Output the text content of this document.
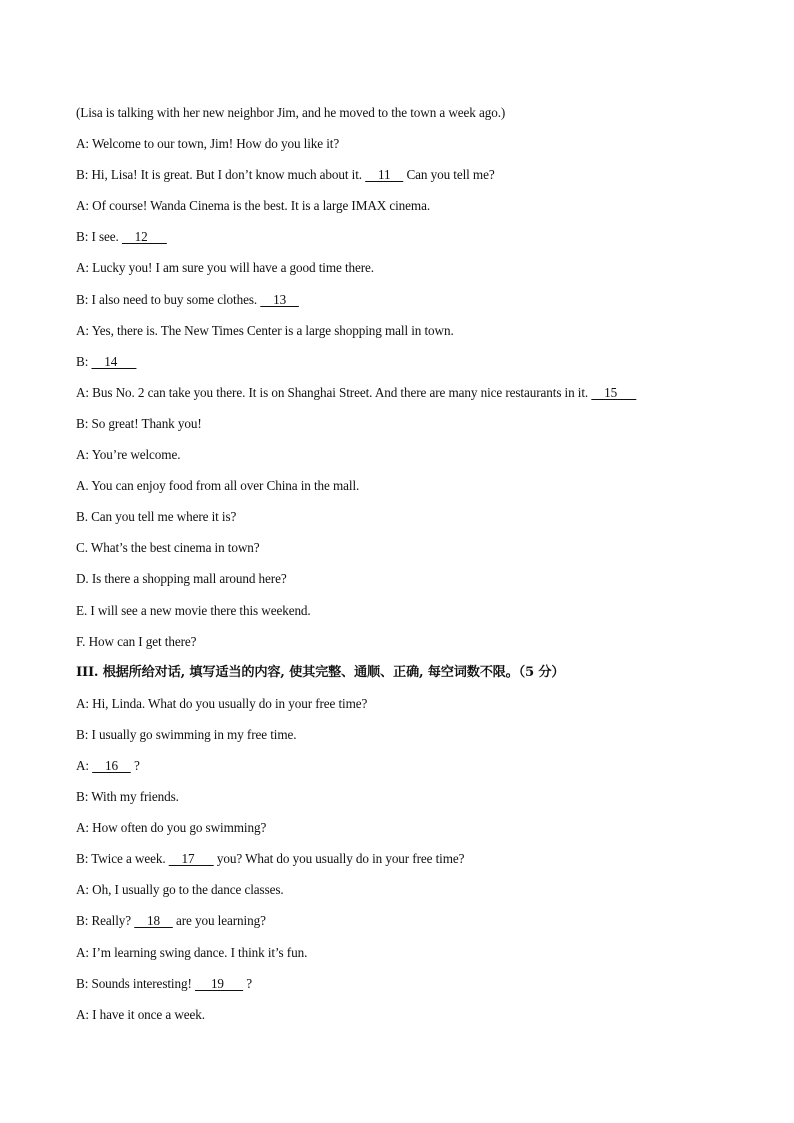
(Lisa is talking with her new neighbor Jim, and he moved to the town a week ago.)
A: Welcome to our town, Jim! How do you like it?
B: Hi, Lisa! It is great. But I don’t know much about it.     11     Can you tell me?
A: Of course! Wanda Cinema is the best. It is a large IMAX cinema.
B: I see.     12
A: Lucky you! I am sure you will have a good time there.
B: I also need to buy some clothes.     13
A: Yes, there is. The New Times Center is a large shopping mall in town.
B:     14
A: Bus No. 2 can take you there. It is on Shanghai Street. And there are many nice restaurants in it.     15
B: So great! Thank you!
A: You’re welcome.
A. You can enjoy food from all over China in the mall.
B. Can you tell me where it is?
C. What’s the best cinema in town?
D. Is there a shopping mall around here?
E. I will see a new movie there this weekend.
F. How can I get there?
III. 根据所给对话, 填写适当的内容, 使其完整、通顺、正确, 每空词数不限。（5 分）
A: Hi, Linda. What do you usually do in your free time?
B: I usually go swimming in my free time.
A:     16     ?
B: With my friends.
A: How often do you go swimming?
B: Twice a week.     17       you? What do you usually do in your free time?
A: Oh, I usually go to the dance classes.
B: Really?     18     are you learning?
A: I’m learning swing dance. I think it’s fun.
B: Sounds interesting!      19       ?
A: I have it once a week.
